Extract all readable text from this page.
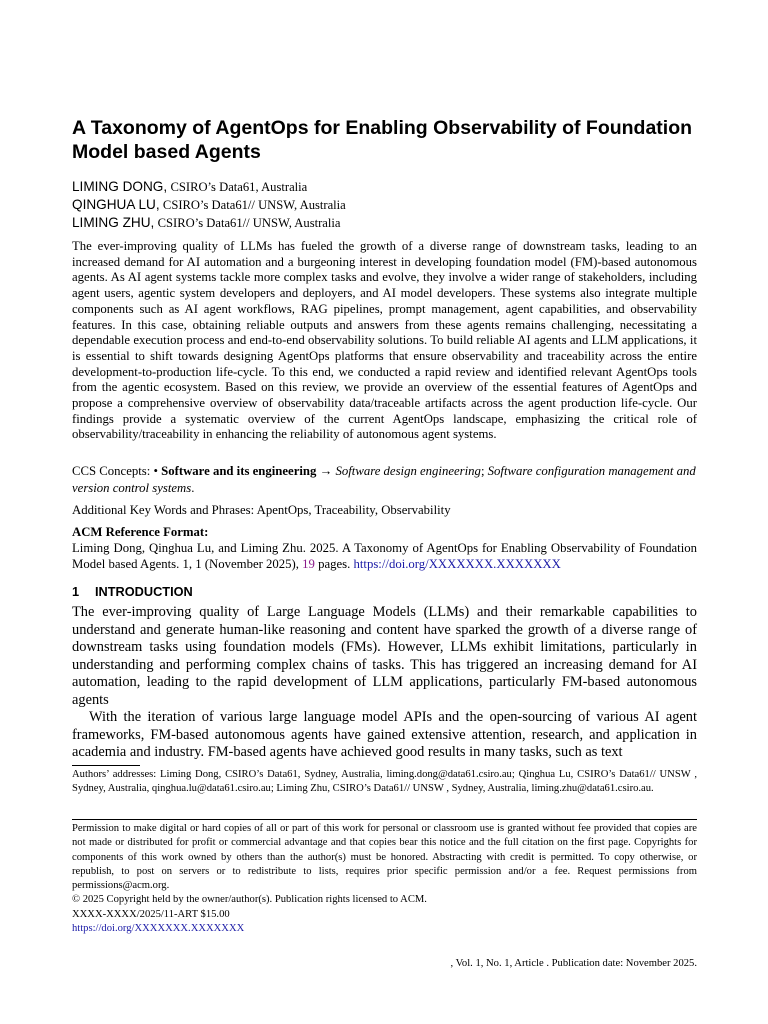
A Taxonomy of AgentOps for Enabling Observability of Foundation Model based Agents
LIMING DONG, CSIRO’s Data61, Australia
QINGHUA LU, CSIRO’s Data61// UNSW, Australia
LIMING ZHU, CSIRO’s Data61// UNSW, Australia

The ever-improving quality of LLMs has fueled the growth of a diverse range of downstream tasks, leading to an increased demand for AI automation and a burgeoning interest in developing foundation model (FM)-based autonomous agents. As AI agent systems tackle more complex tasks and evolve, they involve a wider range of stakeholders, including agent users, agentic system developers and deployers, and AI model developers. These systems also integrate multiple components such as AI agent workflows, RAG pipelines, prompt management, agent capabilities, and observability features. In this case, obtaining reliable outputs and answers from these agents remains challenging, necessitating a dependable execution process and end-to-end observability solutions. To build reliable AI agents and LLM applications, it is essential to shift towards designing AgentOps platforms that ensure observability and traceability across the entire development-to-production life-cycle. To this end, we conducted a rapid review and identified relevant AgentOps tools from the agentic ecosystem. Based on this review, we provide an overview of the essential features of AgentOps and propose a comprehensive overview of observability data/traceable artifacts across the agent production life-cycle. Our findings provide a systematic overview of the current AgentOps landscape, emphasizing the critical role of observability/traceability in enhancing the reliability of autonomous agent systems.

CCS Concepts: • Software and its engineering → Software design engineering; Software configuration management and version control systems.

Additional Key Words and Phrases: ApentOps, Traceability, Observability

ACM Reference Format:

Liming Dong, Qinghua Lu, and Liming Zhu. 2025. A Taxonomy of AgentOps for Enabling Observability of Foundation Model based Agents. 1, 1 (November 2025), 19 pages. https://doi.org/XXXXXXX.XXXXXXX

1 INTRODUCTION

The ever-improving quality of Large Language Models (LLMs) and their remarkable capabilities to understand and generate human-like reasoning and content have sparked the growth of a diverse range of downstream tasks using foundation models (FMs). However, LLMs exhibit limitations, particularly in understanding and performing complex chains of tasks. This has triggered an increasing demand for AI automation, leading to the rapid development of LLM applications, particularly FM-based autonomous agents

With the iteration of various large language model APIs and the open-sourcing of various AI agent frameworks, FM-based autonomous agents have gained extensive attention, research, and application in academia and industry. FM-based agents have achieved good results in many tasks, such as text

Authors’ addresses: Liming Dong, CSIRO’s Data61, Sydney, Australia, liming.dong@data61.csiro.au; Qinghua Lu, CSIRO’s Data61// UNSW , Sydney, Australia, qinghua.lu@data61.csiro.au; Liming Zhu, CSIRO’s Data61// UNSW , Sydney, Australia, liming.zhu@data61.csiro.au.

Permission to make digital or hard copies of all or part of this work for personal or classroom use is granted without fee provided that copies are not made or distributed for profit or commercial advantage and that copies bear this notice and the full citation on the first page. Copyrights for components of this work owned by others than the author(s) must be honored. Abstracting with credit is permitted. To copy otherwise, or republish, to post on servers or to redistribute to lists, requires prior specific permission and/or a fee. Request permissions from permissions@acm.org.
© 2025 Copyright held by the owner/author(s). Publication rights licensed to ACM.
XXXX-XXXX/2025/11-ART $15.00
https://doi.org/XXXXXXX.XXXXXXX
, Vol. 1, No. 1, Article . Publication date: November 2025.
